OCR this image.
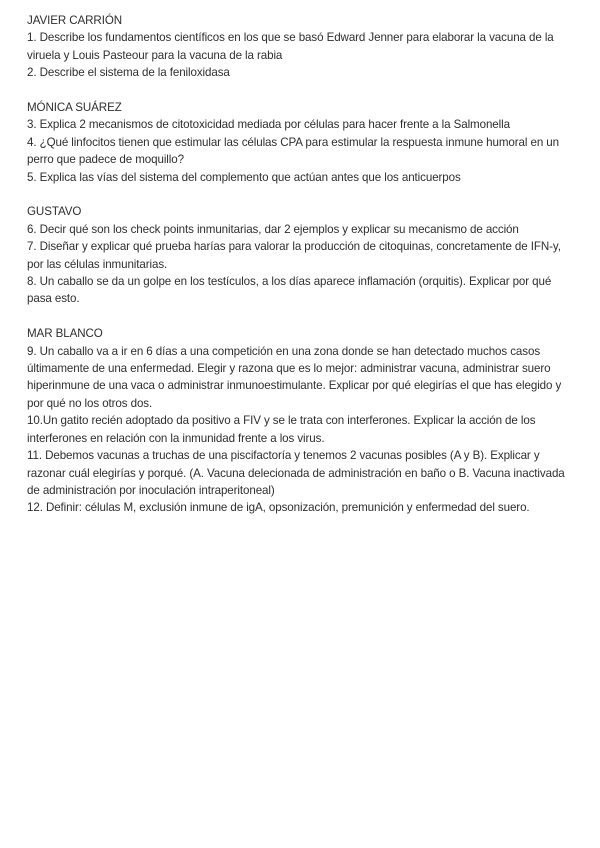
JAVIER CARRIÓN
1. Describe los fundamentos científicos en los que se basó Edward Jenner para elaborar la vacuna de la viruela y Louis Pasteour para la vacuna de la rabia
2. Describe el sistema de la feniloxidasa
MÓNICA SUÁREZ
3. Explica 2 mecanismos de citotoxicidad mediada por células para hacer frente a la Salmonella
4. ¿Qué linfocitos tienen que estimular las células CPA para estimular la respuesta inmune humoral en un perro que padece de moquillo?
5. Explica las vías del sistema del complemento que actúan antes que los anticuerpos
GUSTAVO
6. Decir qué son los check points inmunitarias, dar 2 ejemplos y explicar su mecanismo de acción
7. Diseñar y explicar qué prueba harías para valorar la producción de citoquinas, concretamente de IFN-y, por las células inmunitarias.
8. Un caballo se da un golpe en los testículos, a los días aparece inflamación (orquitis). Explicar por qué pasa esto.
MAR BLANCO
9. Un caballo va a ir en 6 días a una competición en una zona donde se han detectado muchos casos últimamente de una enfermedad. Elegir y razona que es lo mejor: administrar vacuna, administrar suero hiperinmune de una vaca o administrar inmunoestimulante. Explicar por qué elegirías el que has elegido y por qué no los otros dos.
10.Un gatito recién adoptado da positivo a FIV y se le trata con interferones. Explicar la acción de los interferones en relación con la inmunidad frente a los virus.
11. Debemos vacunas a truchas de una piscifactoría y tenemos 2 vacunas posibles (A y B). Explicar y razonar cuál elegirías y porqué. (A. Vacuna delecionada de administración en baño o B. Vacuna inactivada de administración por inoculación intraperitoneal)
12. Definir: células M, exclusión inmune de igA, opsonización, premunición y enfermedad del suero.
